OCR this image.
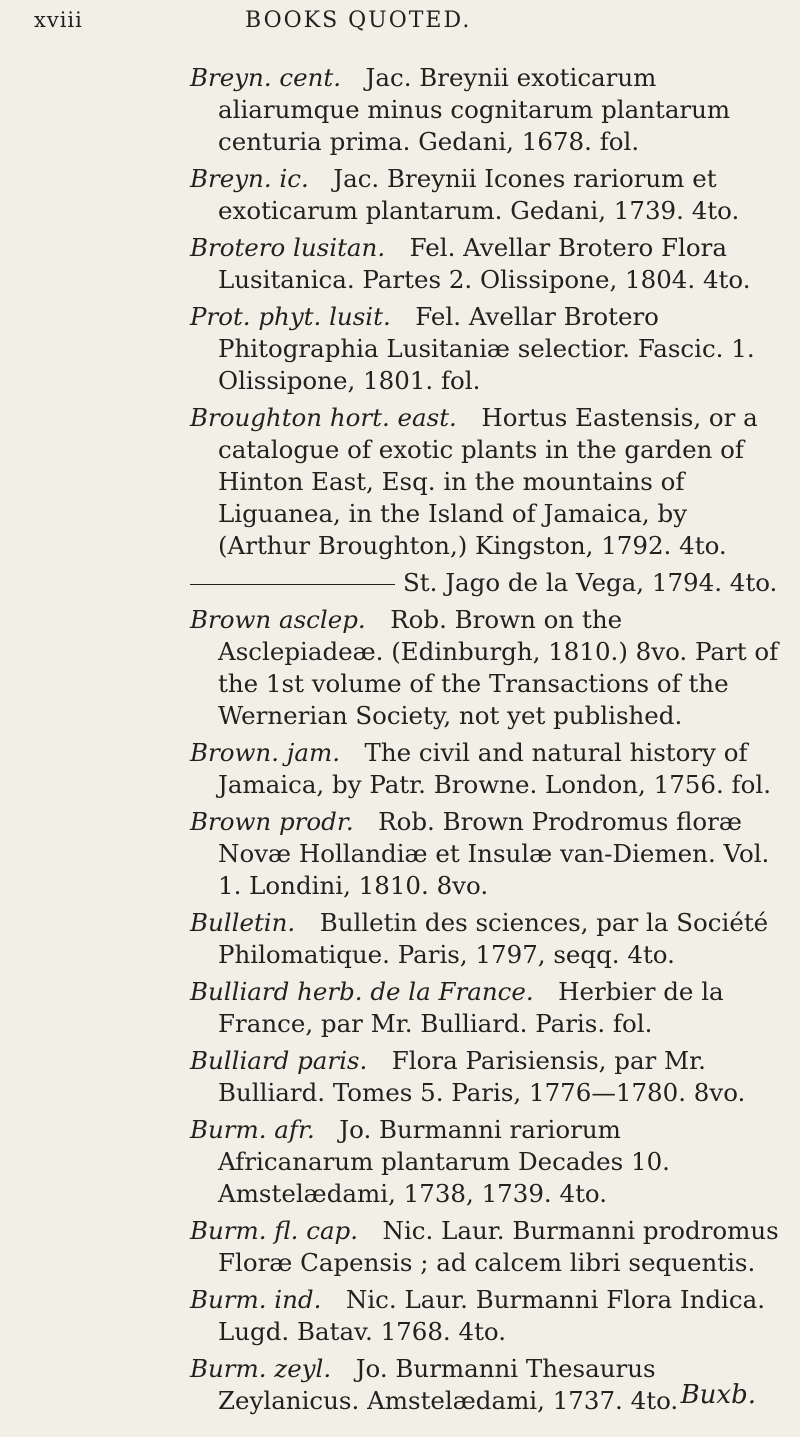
xviii	BOOKS QUOTED.
Breyn. cent.  Jac. Breynii exoticarum aliarumque minus cognitarum plantarum centuria prima. Gedani, 1678. fol.
Breyn. ic.  Jac. Breynii Icones rariorum et exoticarum plantarum. Gedani, 1739. 4to.
Brotero lusitan.  Fel. Avellar Brotero Flora Lusitanica. Partes 2. Olissipone, 1804. 4to.
Prot. phyt. lusit.  Fel. Avellar Brotero Phitographia Lusitaniæ selectior. Fascic. 1. Olissipone, 1801. fol.
Broughton hort. east.  Hortus Eastensis, or a catalogue of exotic plants in the garden of Hinton East, Esq. in the mountains of Liguanea, in the Island of Jamaica, by (Arthur Broughton,) Kingston, 1792. 4to.
St. Jago de la Vega, 1794. 4to.
Brown asclep.  Rob. Brown on the Asclepiadeæ. (Edinburgh, 1810.) 8vo. Part of the 1st volume of the Transactions of the Wernerian Society, not yet published.
Brown. jam.  The civil and natural history of Jamaica, by Patr. Browne. London, 1756. fol.
Brown prodr.  Rob. Brown Prodromus floræ Novæ Hollandiæ et Insulæ van-Diemen. Vol. 1. Londini, 1810. 8vo.
Bulletin.  Bulletin des sciences, par la Société Philomatique. Paris, 1797, seqq. 4to.
Bulliard herb. de la France.  Herbier de la France, par Mr. Bulliard. Paris. fol.
Bulliard paris.  Flora Parisiensis, par Mr. Bulliard. Tomes 5. Paris, 1776—1780. 8vo.
Burm. afr.  Jo. Burmanni rariorum Africanarum plantarum Decades 10. Amstelædami, 1738, 1739. 4to.
Burm. fl. cap.  Nic. Laur. Burmanni prodromus Floræ Capensis ; ad calcem libri sequentis.
Burm. ind.  Nic. Laur. Burmanni Flora Indica. Lugd. Batav. 1768. 4to.
Burm. zeyl.  Jo. Burmanni Thesaurus Zeylanicus. Amstelædami, 1737. 4to. Buxb.
